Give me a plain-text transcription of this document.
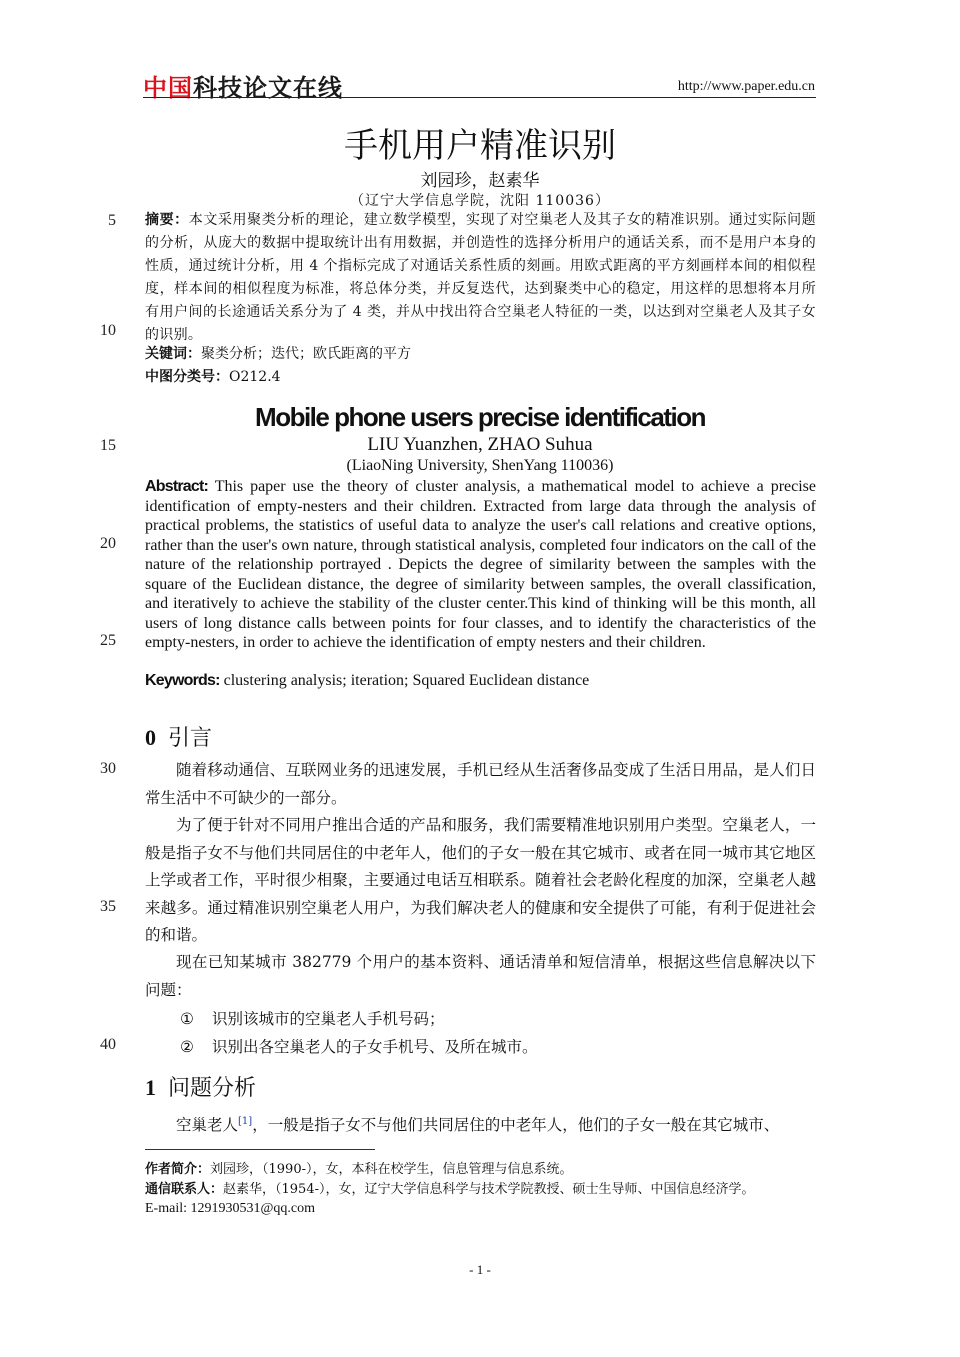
中国科技论文在线	http://www.paper.edu.cn
手机用户精准识别
刘园珍，赵素华
（辽宁大学信息学院，沈阳 110036）
5
10
15
20
25
30
35
40
摘要：本文采用聚类分析的理论，建立数学模型，实现了对空巢老人及其子女的精准识别。通过实际问题的分析，从庞大的数据中提取统计出有用数据，并创造性的选择分析用户的通话关系，而不是用户本身的性质，通过统计分析，用 4 个指标完成了对通话关系性质的刻画。用欧式距离的平方刻画样本间的相似程度，样本间的相似程度为标准，将总体分类，并反复迭代，达到聚类中心的稳定，用这样的思想将本月所有用户间的长途通话关系分为了 4 类，并从中找出符合空巢老人特征的一类，以达到对空巢老人及其子女的识别。
关键词：聚类分析；迭代；欧氏距离的平方
中图分类号：O212.4
Mobile phone users precise identification
LIU Yuanzhen, ZHAO Suhua
(LiaoNing University, ShenYang 110036)
Abstract: This paper use the theory of cluster analysis, a mathematical model to achieve a precise identification of empty-nesters and their children. Extracted from large data through the analysis of practical problems, the statistics of useful data to analyze the user's call relations and creative options, rather than the user's own nature, through statistical analysis, completed four indicators on the call of the nature of the relationship portrayed . Depicts the degree of similarity between the samples with the square of the Euclidean distance, the degree of similarity between samples, the overall classification, and iteratively to achieve the stability of the cluster center.This kind of thinking will be this month, all users of long distance calls between points for four classes, and to identify the characteristics of the empty-nesters, in order to achieve the identification of empty nesters and their children.
Keywords: clustering analysis; iteration; Squared Euclidean distance
0 引言
随着移动通信、互联网业务的迅速发展，手机已经从生活奢侈品变成了生活日用品，是人们日常生活中不可缺少的一部分。
为了便于针对不同用户推出合适的产品和服务，我们需要精准地识别用户类型。空巢老人，一般是指子女不与他们共同居住的中老年人，他们的子女一般在其它城市、或者在同一城市其它地区上学或者工作，平时很少相聚，主要通过电话互相联系。随着社会老龄化程度的加深，空巢老人越来越多。通过精准识别空巢老人用户，为我们解决老人的健康和安全提供了可能，有利于促进社会的和谐。
现在已知某城市 382779 个用户的基本资料、通话清单和短信清单，根据这些信息解决以下问题：
① 识别该城市的空巢老人手机号码；
② 识别出各空巢老人的子女手机号、及所在城市。
1 问题分析
空巢老人[1]，一般是指子女不与他们共同居住的中老年人，他们的子女一般在其它城市、
作者简介：刘园珍，（1990-），女，本科在校学生，信息管理与信息系统。
通信联系人：赵素华，（1954-），女，辽宁大学信息科学与技术学院教授、硕士生导师、中国信息经济学。
E-mail: 1291930531@qq.com
- 1 -
